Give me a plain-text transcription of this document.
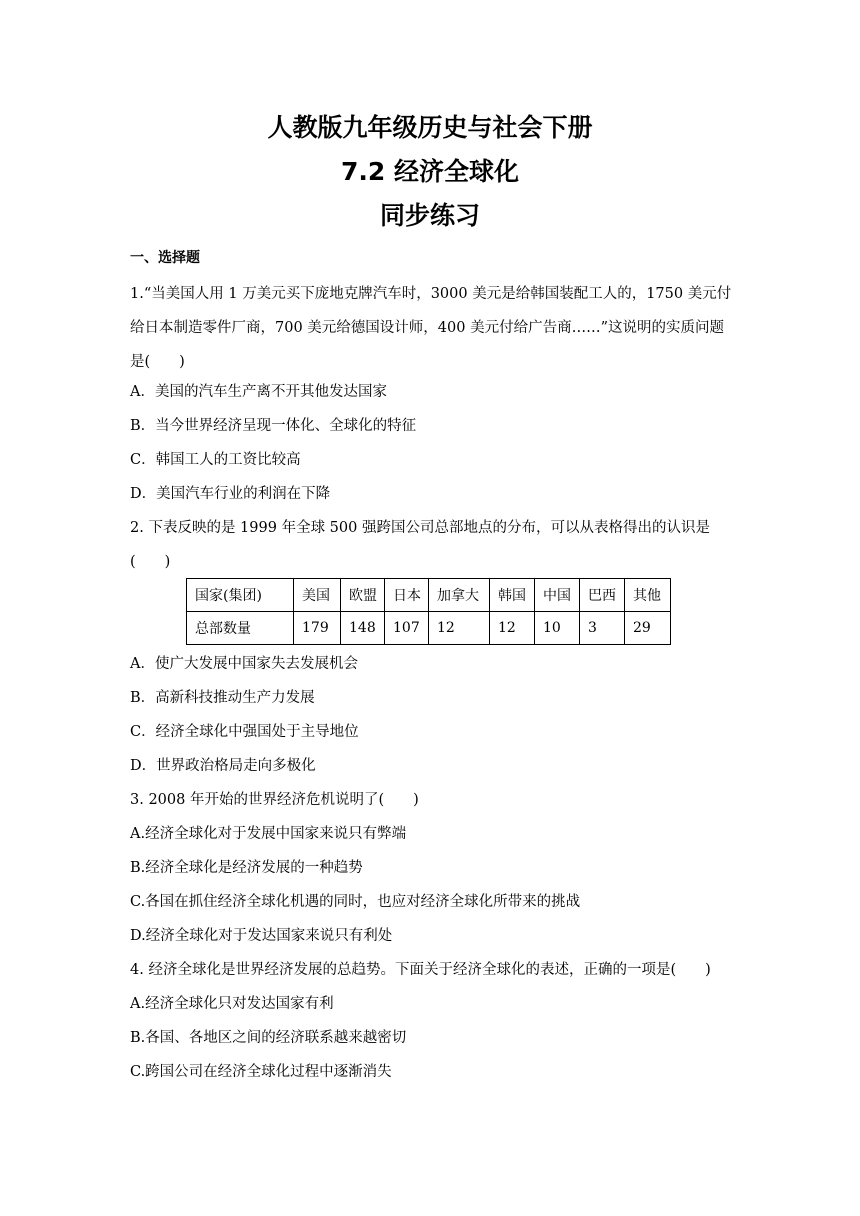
人教版九年级历史与社会下册
7.2 经济全球化
同步练习
一、选择题
1.“当美国人用 1 万美元买下庞地克牌汽车时，3000 美元是给韩国装配工人的，1750 美元付
给日本制造零件厂商，700 美元给德国设计师，400 美元付给广告商……”这说明的实质问题
是(　　)
A．美国的汽车生产离不开其他发达国家
B．当今世界经济呈现一体化、全球化的特征
C．韩国工人的工资比较高
D．美国汽车行业的利润在下降
2. 下表反映的是 1999 年全球 500 强跨国公司总部地点的分布，可以从表格得出的认识是
(　　)
国家(集团)	美国	欧盟	日本	加拿大	韩国	中国	巴西	其他
总部数量	179	148	107	12	12	10	3	29
A．使广大发展中国家失去发展机会
B．高新科技推动生产力发展
C．经济全球化中强国处于主导地位
D．世界政治格局走向多极化
3. 2008 年开始的世界经济危机说明了(　　)
A.经济全球化对于发展中国家来说只有弊端
B.经济全球化是经济发展的一种趋势
C.各国在抓住经济全球化机遇的同时，也应对经济全球化所带来的挑战
D.经济全球化对于发达国家来说只有利处
4. 经济全球化是世界经济发展的总趋势。下面关于经济全球化的表述，正确的一项是(　　)
A.经济全球化只对发达国家有利
B.各国、各地区之间的经济联系越来越密切
C.跨国公司在经济全球化过程中逐渐消失
